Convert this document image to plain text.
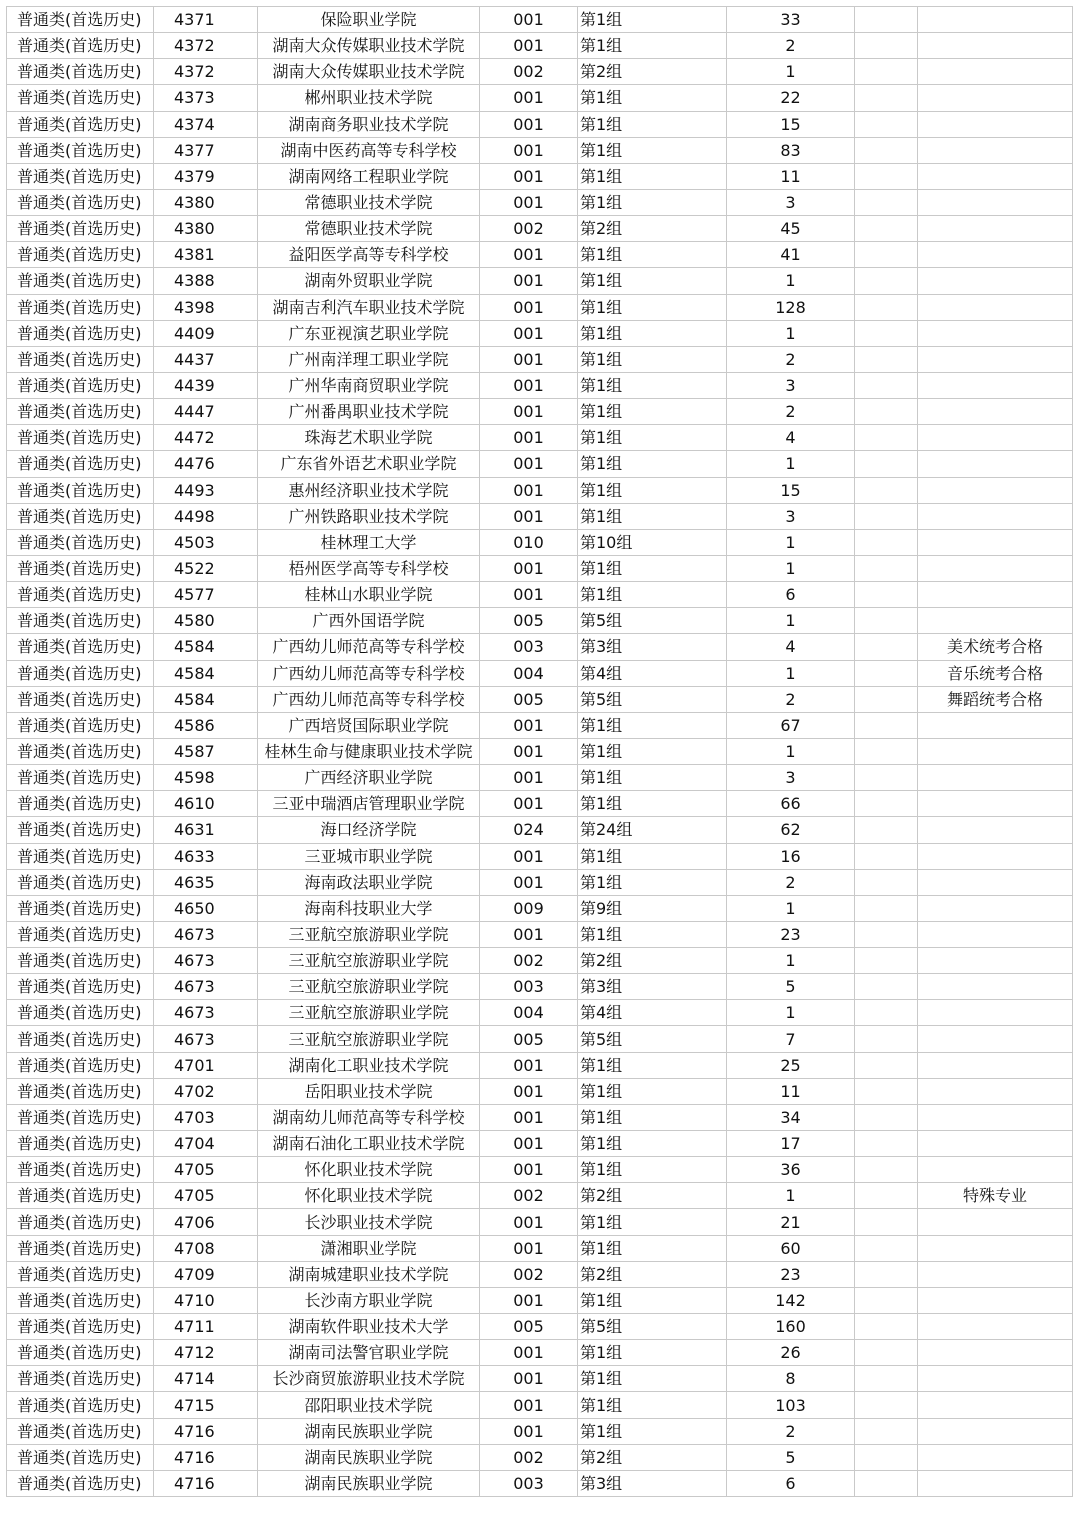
普通类(首选历史)	4371	保险职业学院	001	第1组	33		
普通类(首选历史)	4372	湖南大众传媒职业技术学院	001	第1组	2		
普通类(首选历史)	4372	湖南大众传媒职业技术学院	002	第2组	1		
普通类(首选历史)	4373	郴州职业技术学院	001	第1组	22		
普通类(首选历史)	4374	湖南商务职业技术学院	001	第1组	15		
普通类(首选历史)	4377	湖南中医药高等专科学校	001	第1组	83		
普通类(首选历史)	4379	湖南网络工程职业学院	001	第1组	11		
普通类(首选历史)	4380	常德职业技术学院	001	第1组	3		
普通类(首选历史)	4380	常德职业技术学院	002	第2组	45		
普通类(首选历史)	4381	益阳医学高等专科学校	001	第1组	41		
普通类(首选历史)	4388	湖南外贸职业学院	001	第1组	1		
普通类(首选历史)	4398	湖南吉利汽车职业技术学院	001	第1组	128		
普通类(首选历史)	4409	广东亚视演艺职业学院	001	第1组	1		
普通类(首选历史)	4437	广州南洋理工职业学院	001	第1组	2		
普通类(首选历史)	4439	广州华南商贸职业学院	001	第1组	3		
普通类(首选历史)	4447	广州番禺职业技术学院	001	第1组	2		
普通类(首选历史)	4472	珠海艺术职业学院	001	第1组	4		
普通类(首选历史)	4476	广东省外语艺术职业学院	001	第1组	1		
普通类(首选历史)	4493	惠州经济职业技术学院	001	第1组	15		
普通类(首选历史)	4498	广州铁路职业技术学院	001	第1组	3		
普通类(首选历史)	4503	桂林理工大学	010	第10组	1		
普通类(首选历史)	4522	梧州医学高等专科学校	001	第1组	1		
普通类(首选历史)	4577	桂林山水职业学院	001	第1组	6		
普通类(首选历史)	4580	广西外国语学院	005	第5组	1		
普通类(首选历史)	4584	广西幼儿师范高等专科学校	003	第3组	4		美术统考合格
普通类(首选历史)	4584	广西幼儿师范高等专科学校	004	第4组	1		音乐统考合格
普通类(首选历史)	4584	广西幼儿师范高等专科学校	005	第5组	2		舞蹈统考合格
普通类(首选历史)	4586	广西培贤国际职业学院	001	第1组	67		
普通类(首选历史)	4587	桂林生命与健康职业技术学院	001	第1组	1		
普通类(首选历史)	4598	广西经济职业学院	001	第1组	3		
普通类(首选历史)	4610	三亚中瑞酒店管理职业学院	001	第1组	66		
普通类(首选历史)	4631	海口经济学院	024	第24组	62		
普通类(首选历史)	4633	三亚城市职业学院	001	第1组	16		
普通类(首选历史)	4635	海南政法职业学院	001	第1组	2		
普通类(首选历史)	4650	海南科技职业大学	009	第9组	1		
普通类(首选历史)	4673	三亚航空旅游职业学院	001	第1组	23		
普通类(首选历史)	4673	三亚航空旅游职业学院	002	第2组	1		
普通类(首选历史)	4673	三亚航空旅游职业学院	003	第3组	5		
普通类(首选历史)	4673	三亚航空旅游职业学院	004	第4组	1		
普通类(首选历史)	4673	三亚航空旅游职业学院	005	第5组	7		
普通类(首选历史)	4701	湖南化工职业技术学院	001	第1组	25		
普通类(首选历史)	4702	岳阳职业技术学院	001	第1组	11		
普通类(首选历史)	4703	湖南幼儿师范高等专科学校	001	第1组	34		
普通类(首选历史)	4704	湖南石油化工职业技术学院	001	第1组	17		
普通类(首选历史)	4705	怀化职业技术学院	001	第1组	36		
普通类(首选历史)	4705	怀化职业技术学院	002	第2组	1		特殊专业
普通类(首选历史)	4706	长沙职业技术学院	001	第1组	21		
普通类(首选历史)	4708	潇湘职业学院	001	第1组	60		
普通类(首选历史)	4709	湖南城建职业技术学院	002	第2组	23		
普通类(首选历史)	4710	长沙南方职业学院	001	第1组	142		
普通类(首选历史)	4711	湖南软件职业技术大学	005	第5组	160		
普通类(首选历史)	4712	湖南司法警官职业学院	001	第1组	26		
普通类(首选历史)	4714	长沙商贸旅游职业技术学院	001	第1组	8		
普通类(首选历史)	4715	邵阳职业技术学院	001	第1组	103		
普通类(首选历史)	4716	湖南民族职业学院	001	第1组	2		
普通类(首选历史)	4716	湖南民族职业学院	002	第2组	5		
普通类(首选历史)	4716	湖南民族职业学院	003	第3组	6		
